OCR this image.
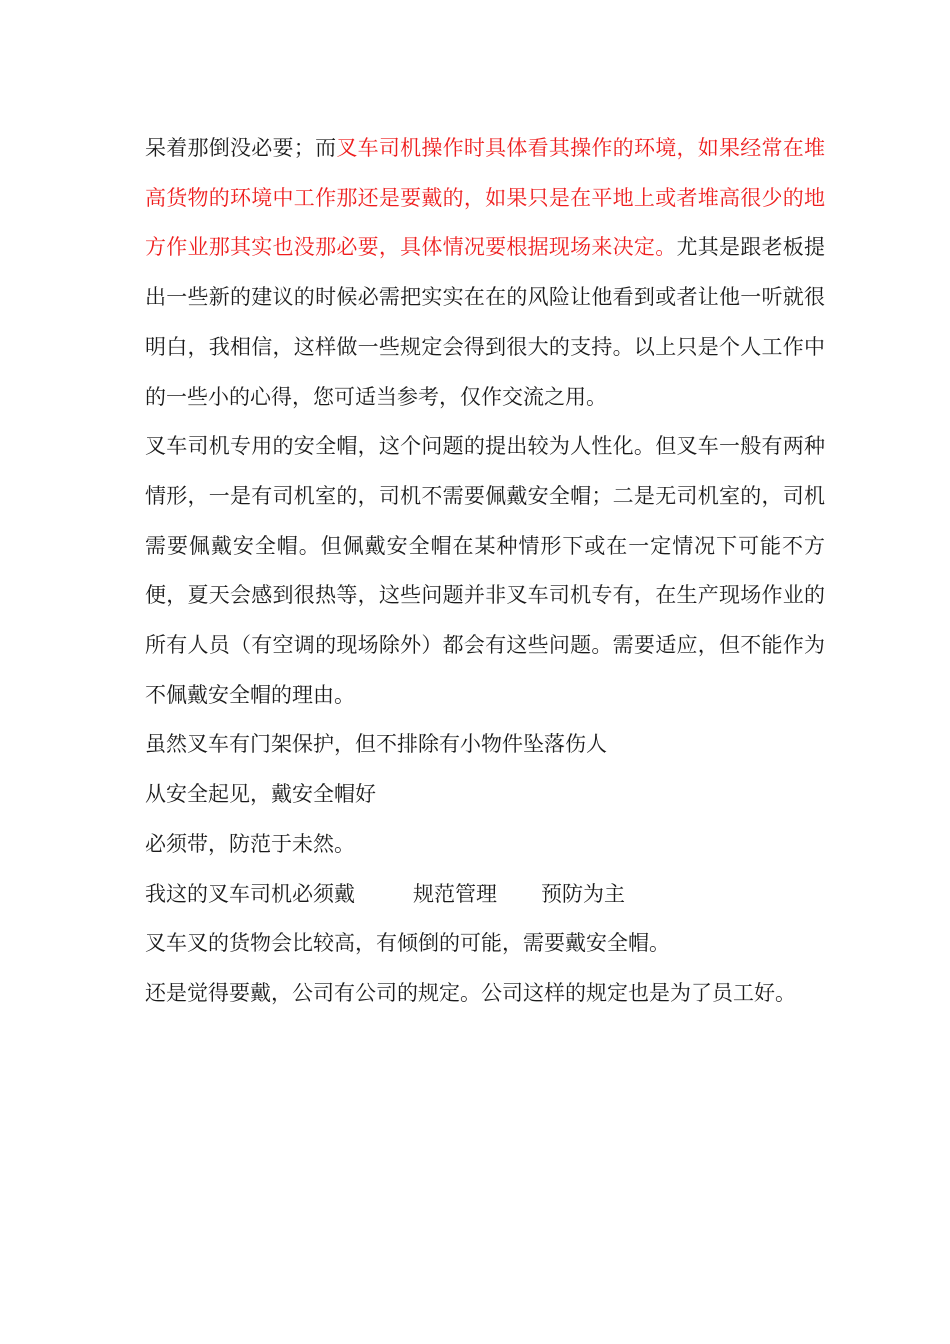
呆着那倒没必要；而叉车司机操作时具体看其操作的环境，如果经常在堆高货物的环境中工作那还是要戴的，如果只是在平地上或者堆高很少的地方作业那其实也没那必要，具体情况要根据现场来决定。尤其是跟老板提出一些新的建议的时候必需把实实在在的风险让他看到或者让他一听就很明白，我相信，这样做一些规定会得到很大的支持。以上只是个人工作中的一些小的心得，您可适当参考，仅作交流之用。

叉车司机专用的安全帽，这个问题的提出较为人性化。但叉车一般有两种情形，一是有司机室的，司机不需要佩戴安全帽；二是无司机室的，司机需要佩戴安全帽。但佩戴安全帽在某种情形下或在一定情况下可能不方便，夏天会感到很热等，这些问题并非叉车司机专有，在生产现场作业的所有人员（有空调的现场除外）都会有这些问题。需要适应，但不能作为不佩戴安全帽的理由。

虽然叉车有门架保护，但不排除有小物件坠落伤人

从安全起见，戴安全帽好

必须带，防范于未然。

我这的叉车司机必须戴	规范管理 预防为主

叉车叉的货物会比较高，有倾倒的可能，需要戴安全帽。

还是觉得要戴，公司有公司的规定。公司这样的规定也是为了员工好。
